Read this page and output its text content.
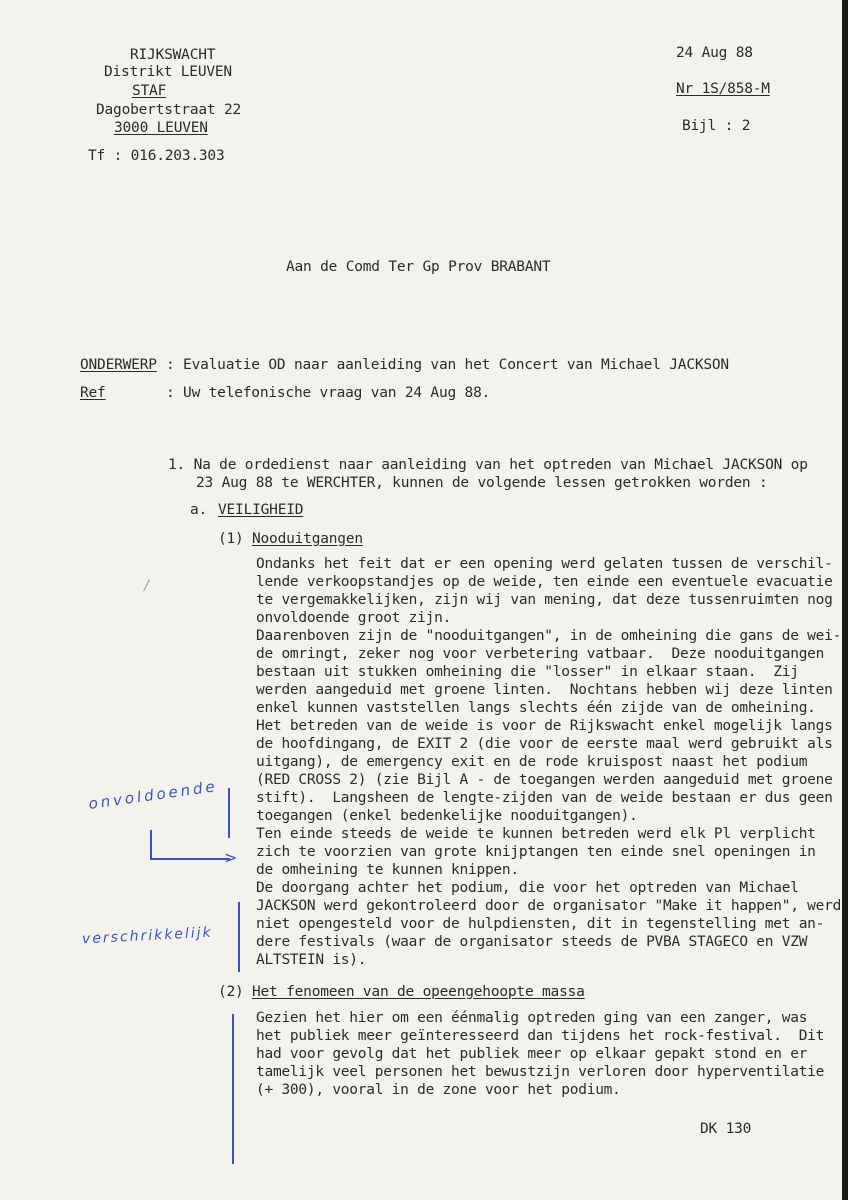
RIJKSWACHT
Distrikt LEUVEN
STAF
Dagobertstraat 22
3000 LEUVEN
Tf : 016.203.303
24 Aug 88
Nr 1S/858-M
Bijl : 2
Aan de Comd Ter Gp Prov BRABANT
ONDERWERP : Evaluatie OD naar aanleiding van het Concert van Michael JACKSON
Ref	: Uw telefonische vraag van 24 Aug 88.
1. Na de ordedienst naar aanleiding van het optreden van Michael JACKSON op
23 Aug 88 te WERCHTER, kunnen de volgende lessen getrokken worden :
a. VEILIGHEID
(1) Nooduitgangen
Ondanks het feit dat er een opening werd gelaten tussen de verschil-
lende verkoopstandjes op de weide, ten einde een eventuele evacuatie
te vergemakkelijken, zijn wij van mening, dat deze tussenruimten nog
onvoldoende groot zijn.
Daarenboven zijn de "nooduitgangen", in de omheining die gans de wei-
de omringt, zeker nog voor verbetering vatbaar.  Deze nooduitgangen
bestaan uit stukken omheining die "losser" in elkaar staan.  Zij
werden aangeduid met groene linten.  Nochtans hebben wij deze linten
enkel kunnen vaststellen langs slechts één zijde van de omheining.
Het betreden van de weide is voor de Rijkswacht enkel mogelijk langs
de hoofdingang, de EXIT 2 (die voor de eerste maal werd gebruikt als
uitgang), de emergency exit en de rode kruispost naast het podium
(RED CROSS 2) (zie Bijl A - de toegangen werden aangeduid met groene
stift).  Langsheen de lengte-zijden van de weide bestaan er dus geen
toegangen (enkel bedenkelijke nooduitgangen).
Ten einde steeds de weide te kunnen betreden werd elk Pl verplicht
zich te voorzien van grote knijptangen ten einde snel openingen in
de omheining te kunnen knippen.
De doorgang achter het podium, die voor het optreden van Michael
JACKSON werd gekontroleerd door de organisator "Make it happen", werd
niet opengesteld voor de hulpdiensten, dit in tegenstelling met an-
dere festivals (waar de organisator steeds de PVBA STAGECO en VZW
ALTSTEIN is).
(2) Het fenomeen van de opeengehoopte massa
Gezien het hier om een éénmalig optreden ging van een zanger, was
het publiek meer geïnteresseerd dan tijdens het rock-festival.  Dit
had voor gevolg dat het publiek meer op elkaar gepakt stond en er
tamelijk veel personen het bewustzijn verloren door hyperventilatie
(+ 300), vooral in de zone voor het podium.
DK 130
onvoldoende
>
verschrikkelijk
/
